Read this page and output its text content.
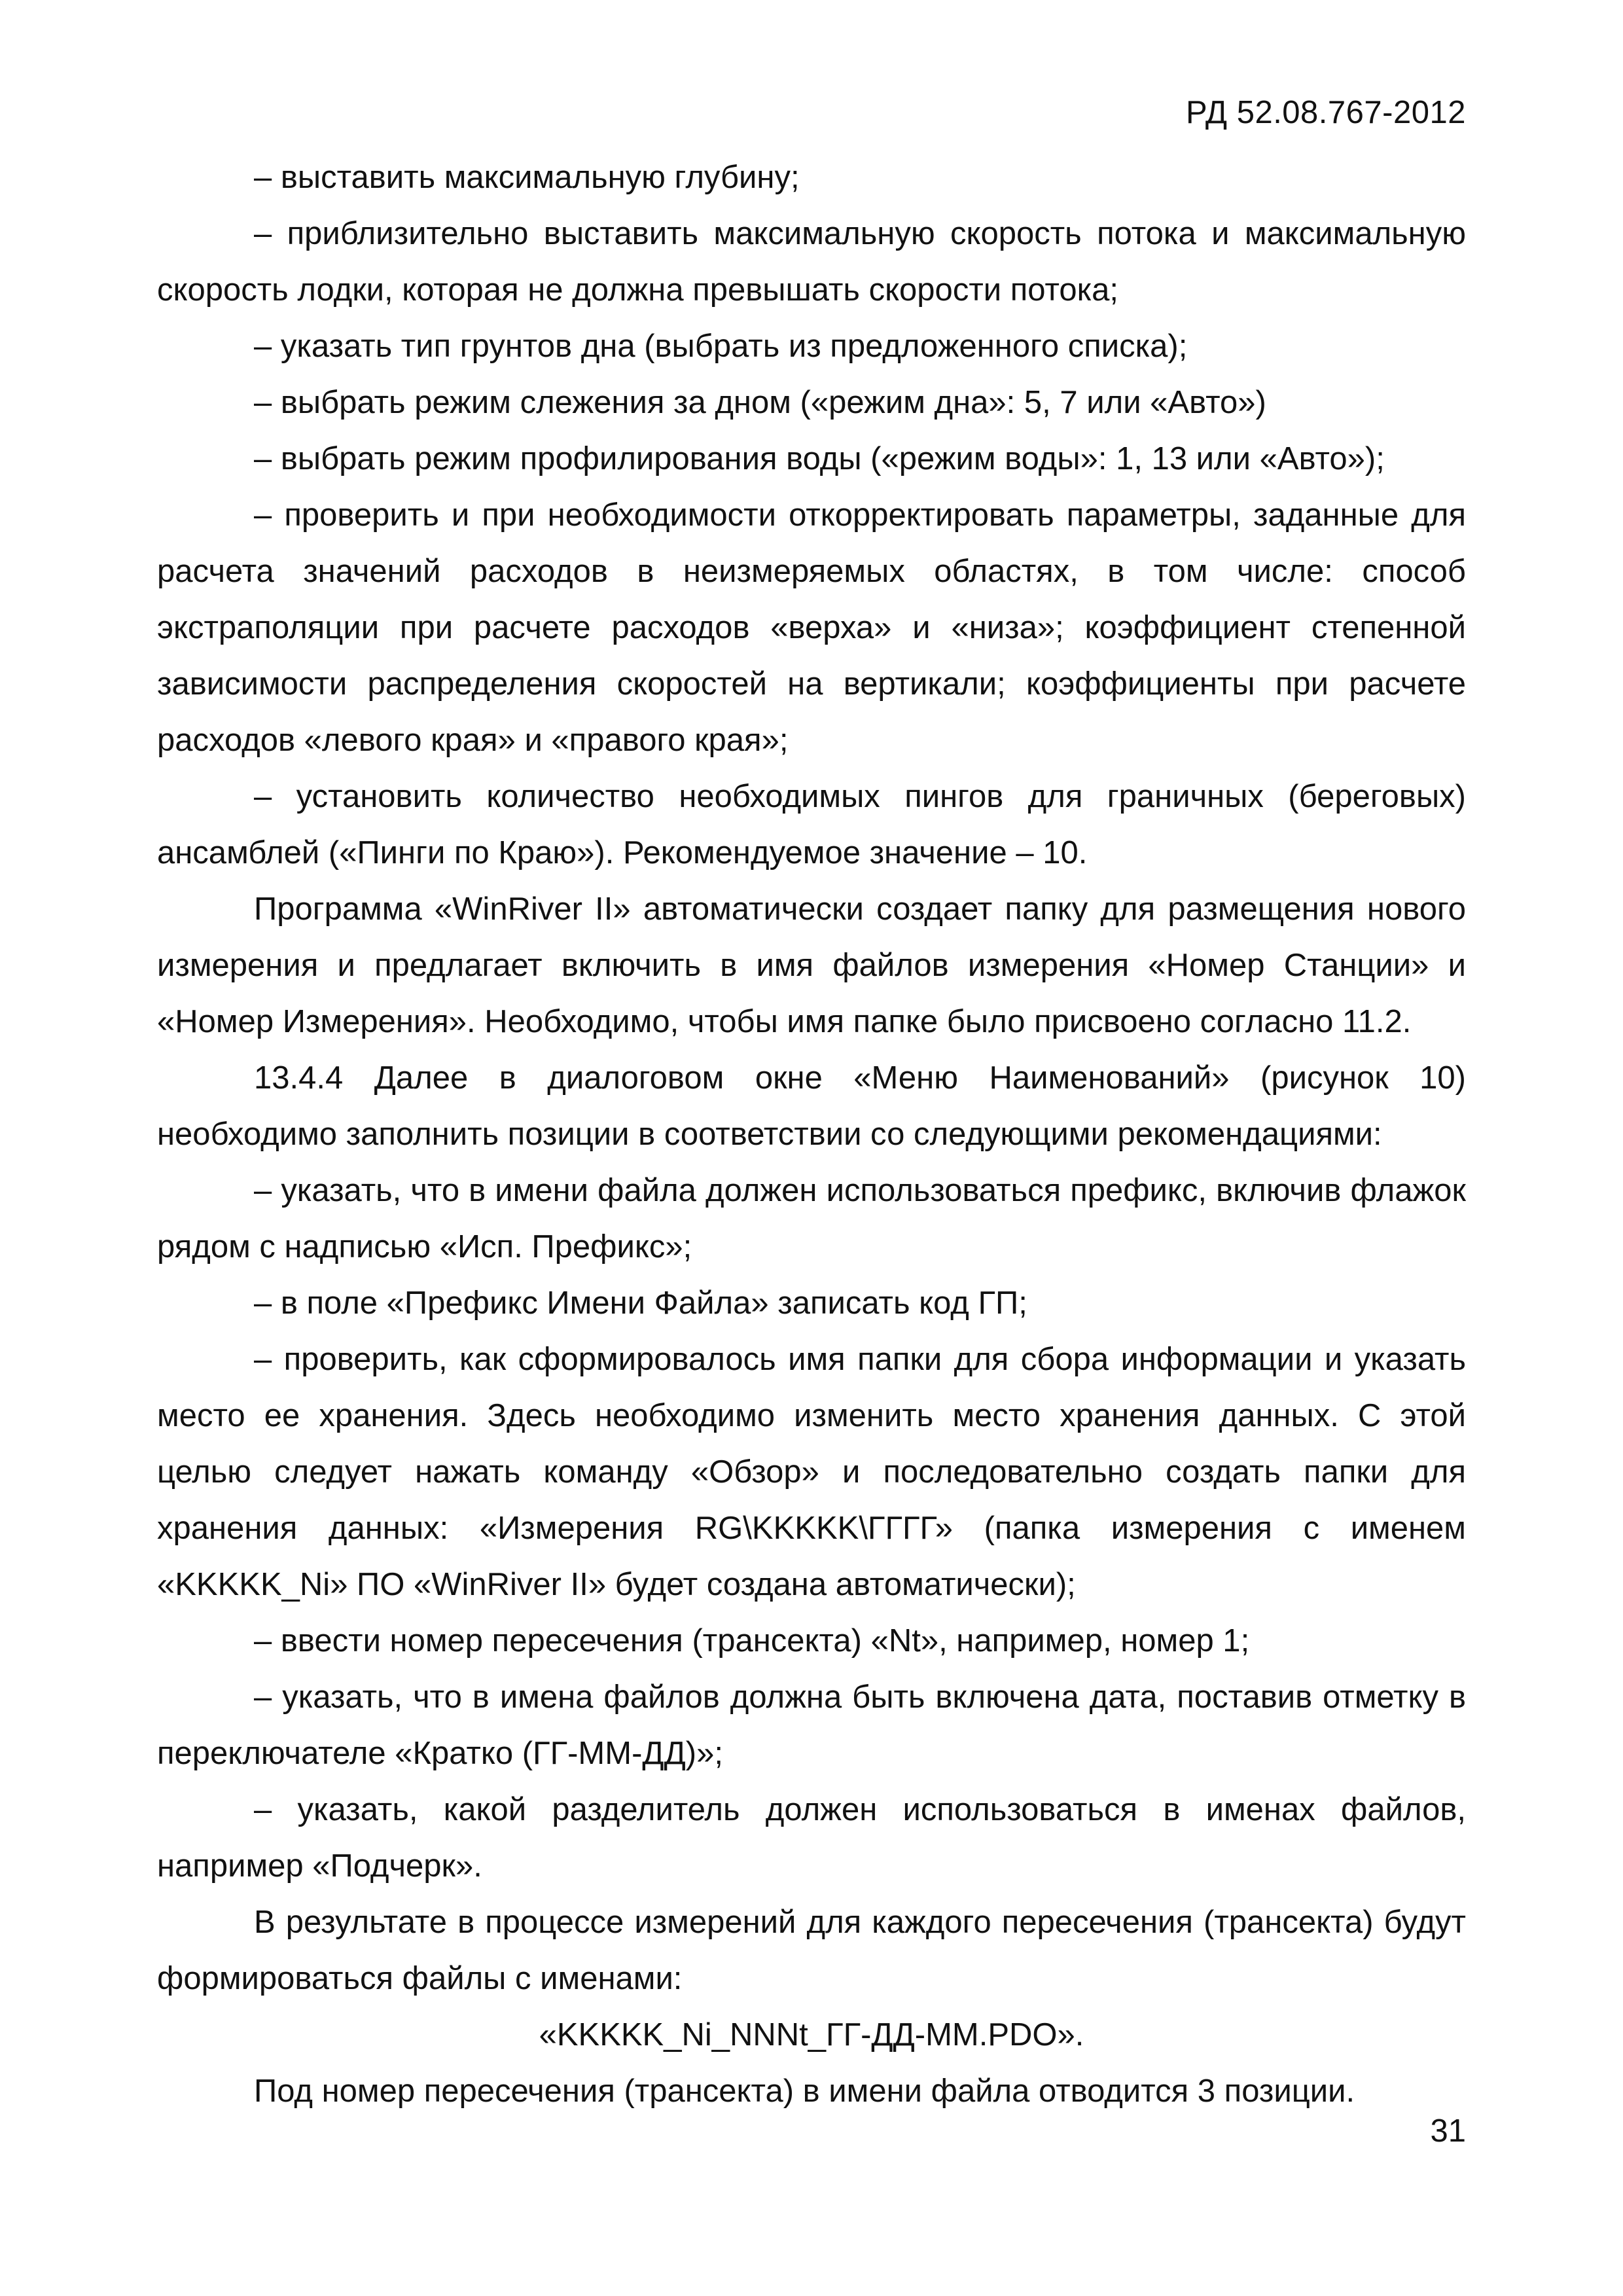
РД 52.08.767-2012

– выставить максимальную глубину;

– приблизительно выставить максимальную скорость потока и максимальную скорость лодки, которая не должна превышать скорости потока;

– указать тип грунтов дна (выбрать из предложенного списка);

– выбрать режим слежения за дном («режим дна»: 5, 7 или «Авто»)

– выбрать режим профилирования воды («режим воды»: 1, 13 или «Авто»);

– проверить и при необходимости откорректировать параметры, заданные для расчета значений расходов в неизмеряемых областях, в том числе: способ экстраполяции при расчете расходов «верха» и «низа»; коэффициент степенной зависимости распределения скоростей на вертикали; коэффициенты при расчете расходов «левого края» и «правого края»;

– установить количество необходимых пингов для граничных (береговых) ансамблей («Пинги по Краю»). Рекомендуемое значение – 10.

Программа «WinRiver II» автоматически создает папку для размещения нового измерения и предлагает включить в имя файлов измерения «Номер Станции» и «Номер Измерения». Необходимо, чтобы имя папке было присвоено согласно 11.2.

13.4.4 Далее в диалоговом окне «Меню Наименований» (рисунок 10) необходимо заполнить позиции в соответствии со следующими рекомендациями:

– указать, что в имени файла должен использоваться префикс, включив флажок рядом с надписью «Исп. Префикс»;

– в поле «Префикс Имени Файла» записать код ГП;

– проверить, как сформировалось имя папки для сбора информации и указать место ее хранения. Здесь необходимо изменить место хранения данных. С этой целью следует нажать команду «Обзор» и последовательно создать папки для хранения данных: «Измерения RG\KKKKK\ГГГГ» (папка измерения с именем «KKKKK_Ni» ПО «WinRiver II» будет создана автоматически);

– ввести номер пересечения (трансекта) «Nt», например, номер 1;

– указать, что в имена файлов должна быть включена дата, поставив отметку в переключателе «Кратко (ГГ-ММ-ДД)»;

– указать, какой разделитель должен использоваться в именах файлов, например «Подчерк».

В результате в процессе измерений для каждого пересечения (трансекта) будут формироваться файлы с именами:

«KKKKK_Ni_NNNt_ГГ-ДД-ММ.PDO».

Под номер пересечения (трансекта) в имени файла отводится 3 позиции.

31
